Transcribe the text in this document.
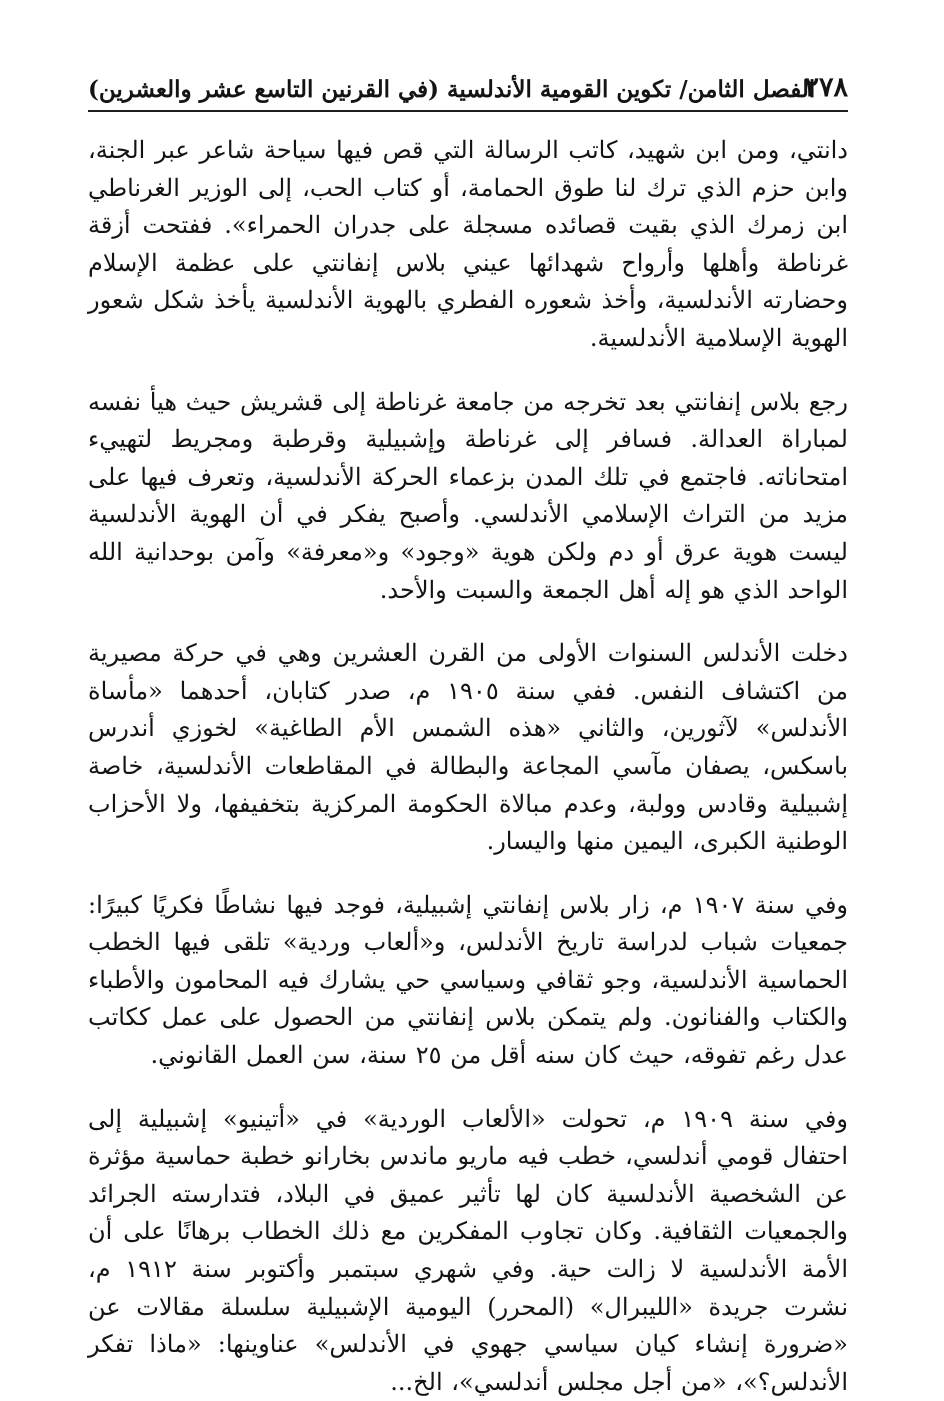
٢٧٨
الفصل الثامن/ تكوين القومية الأندلسية (في القرنين التاسع عشر والعشرين)

دانتي، ومن ابن شهيد، كاتب الرسالة التي قص فيها سياحة شاعر عبر الجنة، وابن حزم الذي ترك لنا طوق الحمامة، أو كتاب الحب، إلى الوزير الغرناطي ابن زمرك الذي بقيت قصائده مسجلة على جدران الحمراء». ففتحت أزقة غرناطة وأهلها وأرواح شهدائها عيني بلاس إنفانتي على عظمة الإسلام وحضارته الأندلسية، وأخذ شعوره الفطري بالهوية الأندلسية يأخذ شكل شعور الهوية الإسلامية الأندلسية.

رجع بلاس إنفانتي بعد تخرجه من جامعة غرناطة إلى قشريش حيث هيأ نفسه لمباراة العدالة. فسافر إلى غرناطة وإشبيلية وقرطبة ومجريط لتهييء امتحاناته. فاجتمع في تلك المدن بزعماء الحركة الأندلسية، وتعرف فيها على مزيد من التراث الإسلامي الأندلسي. وأصبح يفكر في أن الهوية الأندلسية ليست هوية عرق أو دم ولكن هوية «وجود» و«معرفة» وآمن بوحدانية الله الواحد الذي هو إله أهل الجمعة والسبت والأحد.

دخلت الأندلس السنوات الأولى من القرن العشرين وهي في حركة مصيرية من اكتشاف النفس. ففي سنة ١٩٠٥ م، صدر كتابان، أحدهما «مأساة الأندلس» لآثورين، والثاني «هذه الشمس الأم الطاغية» لخوزي أندرس باسكس، يصفان مآسي المجاعة والبطالة في المقاطعات الأندلسية، خاصة إشبيلية وقادس وولبة، وعدم مبالاة الحكومة المركزية بتخفيفها، ولا الأحزاب الوطنية الكبرى، اليمين منها واليسار.

وفي سنة ١٩٠٧ م، زار بلاس إنفانتي إشبيلية، فوجد فيها نشاطًا فكريًا كبيرًا: جمعيات شباب لدراسة تاريخ الأندلس، و«ألعاب وردية» تلقى فيها الخطب الحماسية الأندلسية، وجو ثقافي وسياسي حي يشارك فيه المحامون والأطباء والكتاب والفنانون. ولم يتمكن بلاس إنفانتي من الحصول على عمل ككاتب عدل رغم تفوقه، حيث كان سنه أقل من ٢٥ سنة، سن العمل القانوني.

وفي سنة ١٩٠٩ م، تحولت «الألعاب الوردية» في «أتينيو» إشبيلية إلى احتفال قومي أندلسي، خطب فيه ماريو ماندس بخارانو خطبة حماسية مؤثرة عن الشخصية الأندلسية كان لها تأثير عميق في البلاد، فتدارسته الجرائد والجمعيات الثقافية. وكان تجاوب المفكرين مع ذلك الخطاب برهانًا على أن الأمة الأندلسية لا زالت حية. وفي شهري سبتمبر وأكتوبر سنة ١٩١٢ م، نشرت جريدة «الليبرال» (المحرر) اليومية الإشبيلية سلسلة مقالات عن «ضرورة إنشاء كيان سياسي جهوي في الأندلس» عناوينها: «ماذا تفكر الأندلس؟»، «من أجل مجلس أندلسي»، الخ...
